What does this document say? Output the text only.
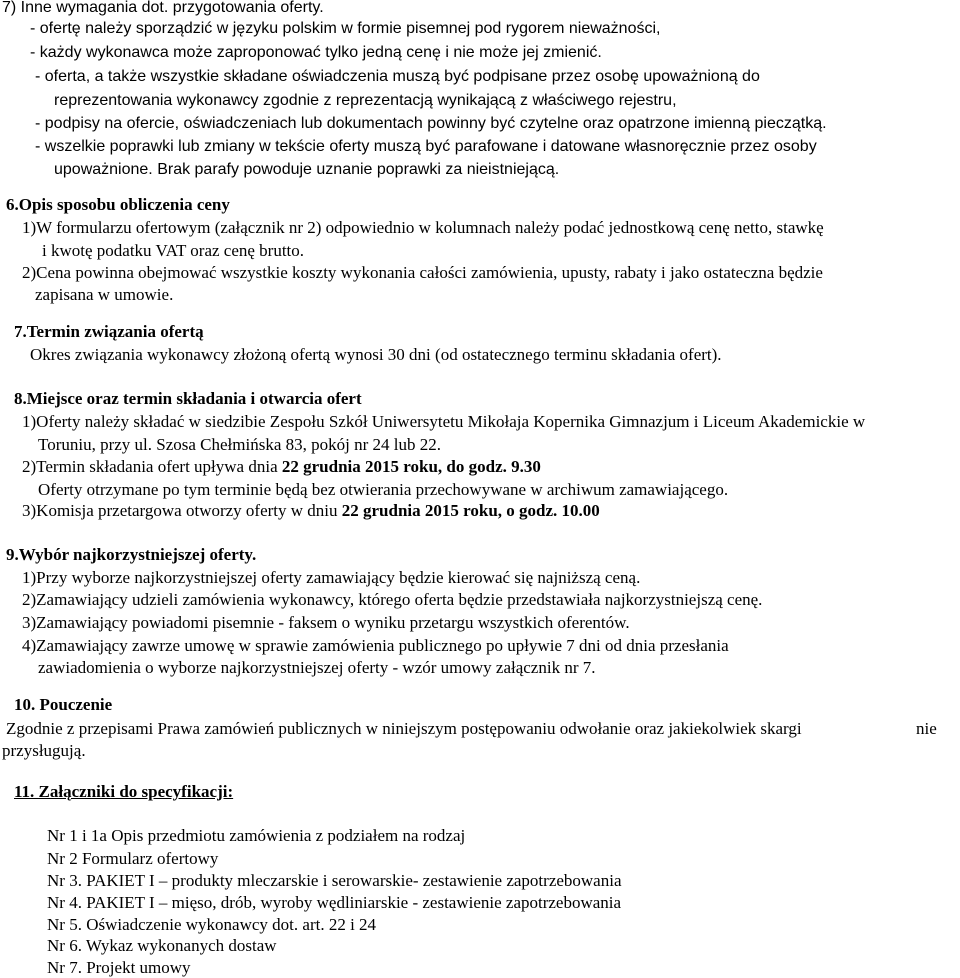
7) Inne wymagania dot. przygotowania oferty.
- ofertę należy sporządzić w języku polskim w formie pisemnej pod rygorem nieważności,
- każdy wykonawca może zaproponować tylko jedną cenę i nie może jej zmienić.
- oferta, a także wszystkie składane oświadczenia muszą być podpisane przez osobę upoważnioną do
reprezentowania wykonawcy zgodnie z reprezentacją wynikającą z właściwego rejestru,
- podpisy na ofercie, oświadczeniach lub dokumentach powinny być czytelne oraz opatrzone imienną pieczątką.
- wszelkie poprawki lub zmiany w tekście oferty muszą być parafowane i datowane własnoręcznie przez osoby
upoważnione. Brak parafy powoduje uznanie poprawki za nieistniejącą.
6.Opis sposobu obliczenia ceny
1)W formularzu ofertowym (załącznik nr 2) odpowiednio w kolumnach należy podać jednostkową cenę netto, stawkę
i kwotę podatku VAT oraz cenę brutto.
2)Cena powinna obejmować wszystkie koszty wykonania całości zamówienia, upusty, rabaty i jako ostateczna będzie
zapisana w umowie.
7.Termin związania ofertą
Okres związania wykonawcy złożoną ofertą wynosi 30 dni (od ostatecznego terminu składania ofert).
8.Miejsce oraz termin składania i otwarcia ofert
1)Oferty należy składać w siedzibie Zespołu Szkół Uniwersytetu Mikołaja Kopernika Gimnazjum i Liceum Akademickie w
Toruniu, przy ul. Szosa Chełmińska 83, pokój nr 24 lub 22.
2)Termin składania ofert upływa dnia 22 grudnia 2015 roku, do godz. 9.30
Oferty otrzymane po tym terminie będą bez otwierania przechowywane w archiwum zamawiającego.
3)Komisja przetargowa otworzy oferty w dniu 22 grudnia 2015 roku, o godz. 10.00
9.Wybór najkorzystniejszej oferty.
1)Przy wyborze najkorzystniejszej oferty zamawiający będzie kierować się najniższą ceną.
2)Zamawiający udzieli zamówienia wykonawcy, którego oferta będzie przedstawiała najkorzystniejszą cenę.
3)Zamawiający powiadomi pisemnie - faksem o wyniku przetargu wszystkich oferentów.
4)Zamawiający zawrze umowę w sprawie zamówienia publicznego po upływie 7 dni od dnia przesłania
zawiadomienia o wyborze najkorzystniejszej oferty - wzór umowy załącznik nr 7.
10. Pouczenie
Zgodnie z przepisami Prawa zamówień publicznych w niniejszym postępowaniu odwołanie oraz jakiekolwiek skargi	nie
przysługują.
11. Załączniki do specyfikacji:
Nr 1 i 1a Opis przedmiotu zamówienia z podziałem na rodzaj
Nr 2 Formularz ofertowy
Nr 3. PAKIET I – produkty mleczarskie i serowarskie- zestawienie zapotrzebowania
Nr 4. PAKIET I – mięso, drób, wyroby wędliniarskie - zestawienie zapotrzebowania
Nr 5. Oświadczenie wykonawcy dot. art. 22 i 24
Nr 6. Wykaz wykonanych dostaw
Nr 7. Projekt umowy
